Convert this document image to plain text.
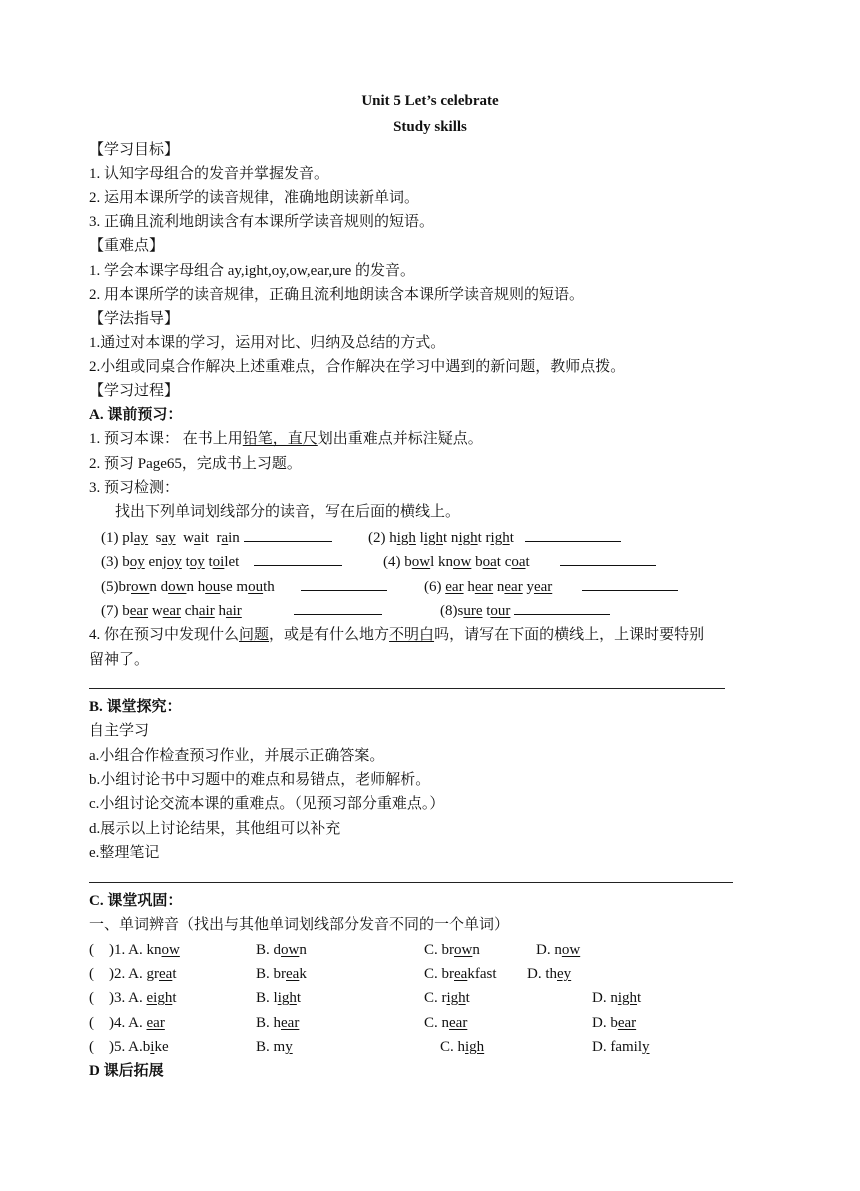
Unit 5 Let’s celebrate
Study skills
【学习目标】
1. 认知字母组合的发音并掌握发音。
2. 运用本课所学的读音规律，准确地朗读新单词。
3. 正确且流利地朗读含有本课所学读音规则的短语。
【重难点】
1. 学会本课字母组合 ay,ight,oy,ow,ear,ure 的发音。
2. 用本课所学的读音规律，正确且流利地朗读含本课所学读音规则的短语。
【学法指导】
1.通过对本课的学习，运用对比、归纳及总结的方式。
2.小组或同桌合作解决上述重难点，合作解决在学习中遇到的新问题，教师点拨。
【学习过程】
A. 课前预习：
1. 预习本课： 在书上用铅笔，直尺划出重难点并标注疑点。
2. 预习 Page65，完成书上习题。
3. 预习检测：
找出下列单词划线部分的读音，写在后面的横线上。
(1) play  say  wait  rain	(2) high light night right
(3) boy enjoy toy toilet	(4) bowl know boat coat
(5)brown down house mouth	(6) ear hear near year
(7) bear wear chair hair	(8)sure tour
4. 你在预习中发现什么问题，或是有什么地方不明白吗，请写在下面的横线上，上课时要特别
留神了。
B. 课堂探究：
自主学习
a.小组合作检查预习作业，并展示正确答案。
b.小组讨论书中习题中的难点和易错点，老师解析。
c.小组讨论交流本课的重难点。（见预习部分重难点。）
d.展示以上讨论结果，其他组可以补充
e.整理笔记
C. 课堂巩固：
一、单词辨音（找出与其他单词划线部分发音不同的一个单词）
( )1. A. know	B. down	C. brown	D. now
( )2. A. great	B. break	C. breakfast D. they
( )3. A. eight	B. light	C. right	D. night
( )4. A. ear	B. hear	C. near	D. bear
( )5. A.bike	B. my	C. high	D. family
D 课后拓展
